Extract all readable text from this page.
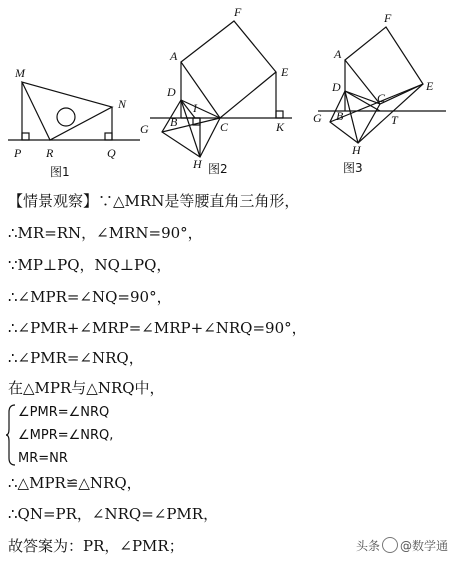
M
N
P R	Q
图1
F
A
E
D
I
B
G	C	K
H 图2
F
A
D
C
E
G B	T
H
图3
【情景观察】∵△MRN是等腰直角三角形，
∴MR=RN，∠MRN=90°，
∵MP⊥PQ，NQ⊥PQ，
∴∠MPR=∠NQ=90°，
∴∠PMR+∠MRP=∠MRP+∠NRQ=90°，
∴∠PMR=∠NRQ，
在△MPR与△NRQ中，
∠PMR=∠NRQ
∠MPR=∠NRQ,
MR=NR
∴△MPR≌△NRQ，
∴QN=PR，∠NRQ=∠PMR，
故答案为：PR，∠PMR；	头条 @数学通
